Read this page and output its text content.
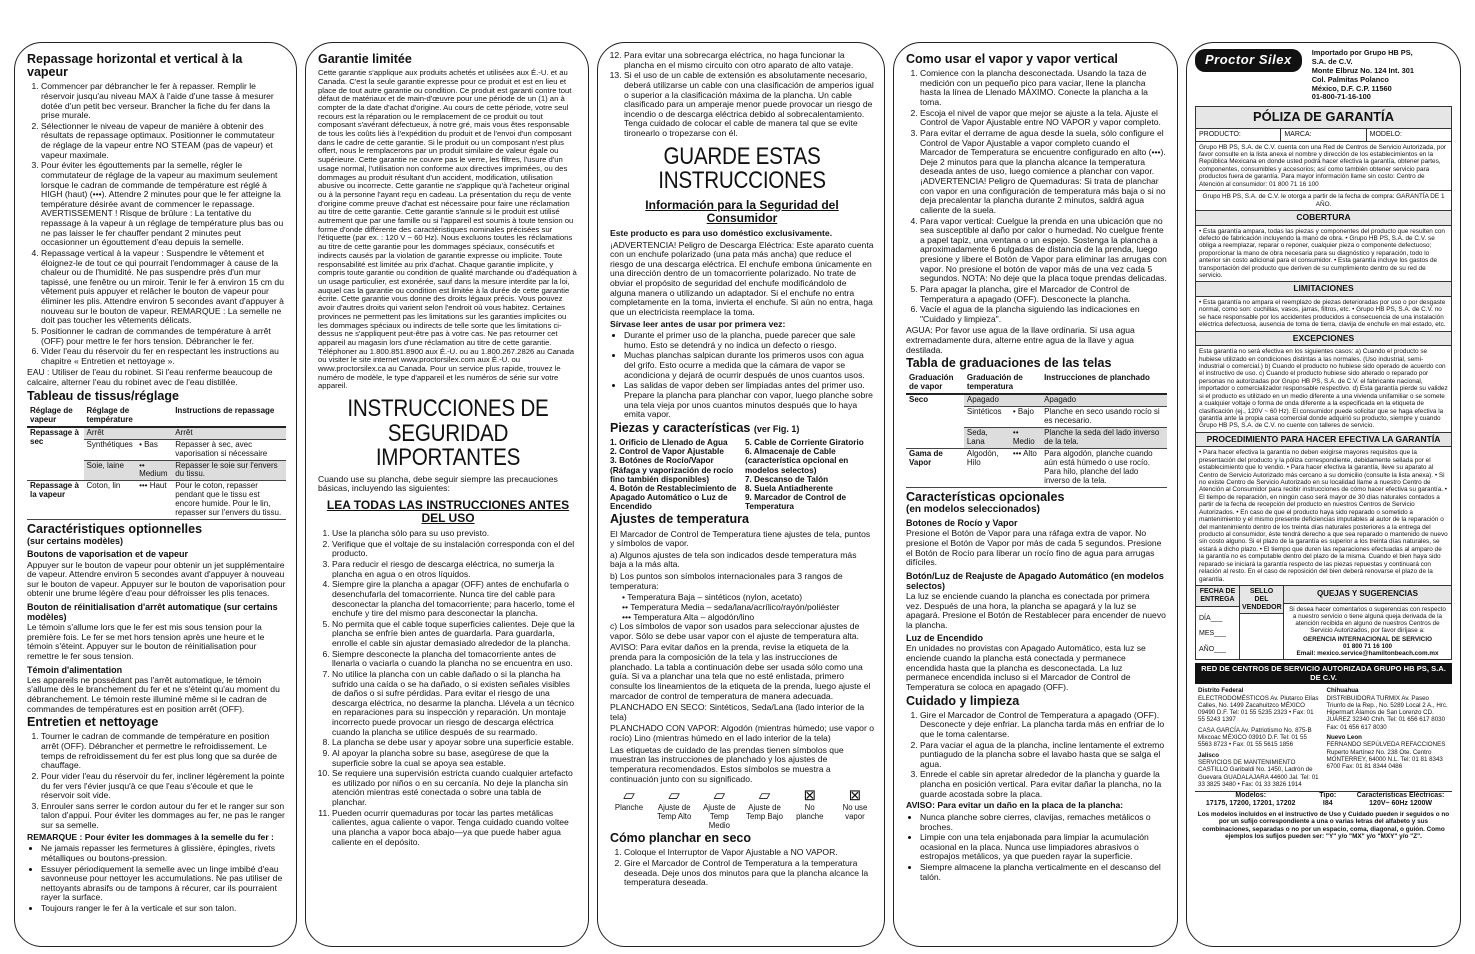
Repassage horizontal et vertical à la vapeur
1. Commencer par débrancher le fer à repasser. Remplir le réservoir jusqu'au niveau MAX à l'aide d'une tasse à mesurer dotée d'un petit bec verseur. Brancher la fiche du fer dans la prise murale.
2. Sélectionner le niveau de vapeur de manière à obtenir des résultats de repassage optimaux. Positionner le commutateur de réglage de la vapeur entre NO STEAM (pas de vapeur) et vapeur maximale.
3. Pour éviter les égouttements par la semelle, régler le commutateur de réglage de la vapeur au maximum seulement lorsque le cadran de commande de température est réglé à HIGH (haut) (•••). Attendre 2 minutes pour que le fer atteigne la température désirée avant de commencer le repassage. AVERTISSEMENT ! Risque de brûlure : La tentative du repassage à la vapeur à un réglage de température plus bas ou ne pas laisser le fer chauffer pendant 2 minutes peut occasionner un égouttement d'eau depuis la semelle.
4. Repassage vertical à la vapeur : Suspendre le vêtement et éloignez-le de tout ce qui pourrait l'endommager à cause de la chaleur ou de l'humidité. Ne pas suspendre près d'un mur tapissé, une fenêtre ou un miroir. Tenir le fer à environ 15 cm du vêtement puis appuyer et relâcher le bouton de vapeur pour éliminer les plis. Attendre environ 5 secondes avant d'appuyer à nouveau sur le bouton de vapeur. REMARQUE : La semelle ne doit pas toucher les vêtements délicats.
5. Positionner le cadran de commandes de température à arrêt (OFF) pour mettre le fer hors tension. Débrancher le fer.
6. Vider l'eau du réservoir du fer en respectant les instructions au chapitre « Entretien et nettoyage ».

EAU : Utiliser de l'eau du robinet. Si l'eau renferme beaucoup de calcaire, alterner l'eau du robinet avec de l'eau distillée.

Tableau de tissus/réglage
Réglage de vapeur	Réglage de température		Instructions de repassage
Repassage à sec	Arrêt		Arrêt
	Synthétiques	• Bas	Repasser à sec, avec vaporisation si nécessaire
	Soie, laine	•• Medium	Repasser le soie sur l'envers du tissu.
Repassage à la vapeur	Coton, lin	••• Haut	Pour le coton, repasser pendant que le tissu est encore humide. Pour le lin, repasser sur l'envers du tissu.
Caractéristiques optionnelles
(sur certains modèles)
Boutons de vaporisation et de vapeur

Appuyer sur le bouton de vapeur pour obtenir un jet supplémentaire de vapeur. Attendre environ 5 secondes avant d'appuyer à nouveau sur le bouton de vapeur. Appuyer sur le bouton de vaporisation pour obtenir une brume légère d'eau pour défroisser les plis tenaces.

Bouton de réinitialisation d'arrêt automatique (sur certains modèles)

Le témoin s'allume lors que le fer est mis sous tension pour la première fois. Le fer se met hors tension après une heure et le témoin s'éteint. Appuyer sur le bouton de réinitialisation pour remettre le fer sous tension.

Témoin d'alimentation

Les appareils ne possédant pas l'arrêt automatique, le témoin s'allume dès le branchement du fer et ne s'éteint qu'au moment du débranchement. Le témoin reste illuminé même si le cadran de commandes de températures est en position arrêt (OFF).

Entretien et nettoyage
1. Tourner le cadran de commande de température en position arrêt (OFF). Débrancher et permettre le refroidissement. Le temps de refroidissement du fer est plus long que sa durée de chauffage.
2. Pour vider l'eau du réservoir du fer, incliner légèrement la pointe du fer vers l'évier jusqu'à ce que l'eau s'écoule et que le réservoir soit vide.
3. Enrouler sans serrer le cordon autour du fer et le ranger sur son talon d'appui. Pour éviter les dommages au fer, ne pas le ranger sur sa semelle.

REMARQUE : Pour éviter les dommages à la semelle du fer :

• Ne jamais repasser les fermetures à glissière, épingles, rivets métalliques ou boutons-pression.
• Essuyer périodiquement la semelle avec un linge imbibé d'eau savonneuse pour nettoyer les accumulations. Ne pas utiliser de nettoyants abrasifs ou de tampons à récurer, car ils pourraient rayer la surface.
• Toujours ranger le fer à la verticale et sur son talon.
Garantie limitée

Cette garantie s'applique aux produits achetés et utilisées aux É.-U. et au Canada. C'est la seule garantie expresse pour ce produit et est en lieu et place de tout autre garantie ou condition. Ce produit est garanti contre tout défaut de matériaux et de main-d'œuvre pour une période de un (1) an à compter de la date d'achat d'origine. Au cours de cette période, votre seul recours est la réparation ou le remplacement de ce produit ou tout composant s'avérant défectueux, à notre gré, mais vous êtes responsable de tous les coûts liés à l'expédition du produit et de l'envoi d'un composant dans le cadre de cette garantie. Si le produit ou un composant n'est plus offert, nous le remplacerons par un produit similaire de valeur égale ou supérieure. Cette garantie ne couvre pas le verre, les filtres, l'usure d'un usage normal, l'utilisation non conforme aux directives imprimées, ou des dommages au produit résultant d'un accident, modification, utilisation abusive ou incorrecte. Cette garantie ne s'applique qu'à l'acheteur original ou à la personne l'ayant reçu en cadeau. La présentation du reçu de vente d'origine comme preuve d'achat est nécessaire pour faire une réclamation au titre de cette garantie. Cette garantie s'annule si le produit est utilisé autrement que par une famille ou si l'appareil est soumis à toute tension ou forme d'onde différente des caractéristiques nominales précisées sur l'étiquette (par ex. : 120 V ~ 60 Hz). Nous excluons toutes les réclamations au titre de cette garantie pour les dommages spéciaux, consécutifs et indirects causés par la violation de garantie expresse ou implicite. Toute responsabilité est limitée au prix d'achat. Chaque garantie implicite, y compris toute garantie ou condition de qualité marchande ou d'adéquation à un usage particulier, est exonérée, sauf dans la mesure interdite par la loi, auquel cas la garantie ou condition est limitée à la durée de cette garantie écrite. Cette garantie vous donne des droits légaux précis. Vous pouvez avoir d'autres droits qui varient selon l'endroit où vous habitez. Certaines provinces ne permettent pas les limitations sur les garanties implicites ou les dommages spéciaux ou indirects de telle sorte que les limitations ci-dessus ne s'appliquent peut-être pas à votre cas. Ne pas retourner cet appareil au magasin lors d'une réclamation au titre de cette garantie. Téléphoner au 1.800.851.8900 aux É.-U. ou au 1.800.267.2826 au Canada ou visiter le site internet www.proctorsilex.com aux É.-U. ou www.proctorsilex.ca au Canada. Pour un service plus rapide, trouvez le numéro de modèle, le type d'appareil et les numéros de série sur votre appareil.

INSTRUCCIONES DE SEGURIDAD IMPORTANTES

Cuando use su plancha, debe seguir siempre las precauciones básicas, incluyendo las siguientes:

LEA TODAS LAS INSTRUCCIONES ANTES DEL USO
1. Use la plancha sólo para su uso previsto.
2. Verifique que el voltaje de su instalación corresponda con el del producto.
3. Para reducir el riesgo de descarga eléctrica, no sumerja la plancha en agua o en otros líquidos.
4. Siempre gire la plancha a apagar (OFF) antes de enchufarla o desenchufarla del tomacorriente. Nunca tire del cable para desconectar la plancha del tomacorriente; para hacerlo, tome el enchufe y tire del mismo para desconectar la plancha.
5. No permita que el cable toque superficies calientes. Deje que la plancha se enfríe bien antes de guardarla. Para guardarla, enrolle el cable sin ajustar demasiado alrededor de la plancha.
6. Siempre desconecte la plancha del tomacorriente antes de llenarla o vaciarla o cuando la plancha no se encuentra en uso.
7. No utilice la plancha con un cable dañado o si la plancha ha sufrido una caída o se ha dañado, o si existen señales visibles de daños o si sufre pérdidas. Para evitar el riesgo de una descarga eléctrica, no desarme la plancha. Llévela a un técnico en reparaciones para su inspección y reparación. Un montaje incorrecto puede provocar un riesgo de descarga eléctrica cuando la plancha se utilice después de su rearmado.
8. La plancha se debe usar y apoyar sobre una superficie estable.
9. Al apoyar la plancha sobre su base, asegúrese de que la superficie sobre la cual se apoya sea estable.
10. Se requiere una supervisión estricta cuando cualquier artefacto es utilizado por niños o en su cercanía. No deje la plancha sin atención mientras esté conectada o sobre una tabla de planchar.
11. Pueden ocurrir quemaduras por tocar las partes metálicas calientes, agua caliente o vapor. Tenga cuidado cuando voltee una plancha a vapor boca abajo—ya que puede haber agua caliente en el depósito.
12. Para evitar una sobrecarga eléctrica, no haga funcionar la plancha en el mismo circuito con otro aparato de alto vataje.
13. Si el uso de un cable de extensión es absolutamente necesario, deberá utilizarse un cable con una clasificación de amperios igual o superior a la clasificación máxima de la plancha. Un cable clasificado para un amperaje menor puede provocar un riesgo de incendio o de descarga eléctrica debido al sobrecalentamiento. Tenga cuidado de colocar el cable de manera tal que se evite tironearlo o tropezarse con él.
GUARDE ESTAS INSTRUCCIONES
Información para la Seguridad del Consumidor

Este producto es para uso doméstico exclusivamente.

¡ADVERTENCIA! Peligro de Descarga Eléctrica: Este aparato cuenta con un enchufe polarizado (una pata más ancha) que reduce el riesgo de una descarga eléctrica. El enchufe embona únicamente en una dirección dentro de un tomacorriente polarizado. No trate de obviar el propósito de seguridad del enchufe modificándolo de alguna manera o utilizando un adaptador. Si el enchufe no entra completamente en la toma, inviertа el enchufe. Si aún no entra, haga que un electricista reemplace la toma.

Sírvase leer antes de usar por primera vez:

• Durante el primer uso de la plancha, puede parecer que sale humo. Esto se detendrá y no indica un defecto o riesgo.
• Muchas planchas salpican durante los primeros usos con agua del grifo. Esto ocurre a medida que la cámara de vapor se acondiciona y dejará de ocurrir después de unos cuantos usos.
• Las salidas de vapor deben ser limpiadas antes del primer uso. Prepare la plancha para planchar con vapor, luego planche sobre una tela vieja por unos cuantos minutos después que lo haya emita vapor.
Piezas y características (ver Fig. 1)
1. Orificio de Llenado de Agua
2. Control de Vapor Ajustable
3. Botónes de Rocío/Vapor (Ráfaga y vaporización de rocío fino también disponibles)
4. Botón de Restablecimiento de Apagado Automático o Luz de Encendido
5. Cable de Corriente Giratorio
6. Almacenaje de Cable (característica opcional en modelos selectos)
7. Descanso de Talón
8. Suela Antiadherente
9. Marcador de Control de Temperatura
Ajustes de temperatura

El Marcador de Control de Temperatura tiene ajustes de tela, puntos y símbolos de vapor.

a) Algunos ajustes de tela son indicados desde temperatura más baja a la más alta.

b) Los puntos son símbolos internacionales para 3 rangos de temperatura:

• Temperatura Baja – sintéticos (nylon, acetato)
•• Temperatura Media – seda/lana/acrílico/rayón/poliéster
••• Temperatura Alta – algodón/lino

c) Los símbolos de vapor son usados para seleccionar ajustes de vapor. Sólo se debe usar vapor con el ajuste de temperatura alta.

AVISO: Para evitar daños en la prenda, revise la etiqueta de la prenda para la composición de la tela y las instrucciones de planchado. La tabla a continuación debe ser usada sólo como una guía. Si va a planchar una tela que no esté enlistada, primero consulte los lineamientos de la etiqueta de la prenda, luego ajuste el marcador de control de temperatura de manera adecuada.

PLANCHADO EN SECO: Sintéticos, Seda/Lana (lado interior de la tela)

PLANCHADO CON VAPOR: Algodón (mientras húmedo; use vapor o rocío) Lino (mientras húmedo en el lado interior de la tela)

Las etiquetas de cuidado de las prendas tienen símbolos que muestran las instrucciones de planchado y los ajustes de temperatura recomendados. Estos símbolos se muestra a continuación junto con su significado.

▱
Planche
▱
Ajuste de Temp Alto
▱
Ajuste de Temp Medio
▱
Ajuste de Temp Bajo
⊠
No planche
⊠
No use vapor
Cómo planchar en seco
1. Coloque el Interruptor de Vapor Ajustable a NO VAPOR.
2. Gire el Marcador de Control de Temperatura a la temperatura deseada. Deje unos dos minutos para que la plancha alcance la temperatura deseada.
Como usar el vapor y vapor vertical
1. Comience con la plancha desconectada. Usando la taza de medición con un pequeño pico para vaciar, llene la plancha hasta la línea de Llenado MÁXIMO. Conecte la plancha a la toma.
2. Escoja el nivel de vapor que mejor se ajuste a la tela. Ajuste el Control de Vapor Ajustable entre NO VAPOR y vapor completo.
3. Para evitar el derrame de agua desde la suela, sólo configure el Control de Vapor Ajustable a vapor completo cuando el Marcador de Temperatura se encuentre configurado en alto (•••). Deje 2 minutos para que la plancha alcance la temperatura deseada antes de uso, luego comience a planchar con vapor. ¡ADVERTENCIA! Peligro de Quemaduras: Si trata de planchar con vapor en una configuración de temperatura más baja o si no deja precalentar la plancha durante 2 minutos, saldrá agua caliente de la suela.
4. Para vapor vertical: Cuelgue la prenda en una ubicación que no sea susceptible al daño por calor o humedad. No cuelgue frente a papel tapiz, una ventana o un espejo. Sostenga la plancha a aproximadamente 6 pulgadas de distancia de la prenda, luego presione y libere el Botón de Vapor para eliminar las arrugas con vapor. No presione el botón de vapor más de una vez cada 5 segundos. NOTA: No deje que la placa toque prendas delicadas.
5. Para apagar la plancha, gire el Marcador de Control de Temperatura a apagado (OFF). Desconecte la plancha.
6. Vacíe el agua de la plancha siguiendo las indicaciones en "Cuidado y limpieza".

AGUA: Por favor use agua de la llave ordinaria. Si usa agua extremadamente dura, alterne entre agua de la llave y agua destilada.

Tabla de graduaciones de las telas
Graduación de vapor	Graduación de temperatura		Instrucciones de planchado
Seco	Apagado		Apagado
	Sintéticos	• Bajo	Planche en seco usando rocío si es necesario.
	Seda, Lana	•• Medio	Planche la seda del lado inverso de la tela.
Gama de Vapor	Algodón, Hilo	••• Alto	Para algodón, planche cuando aún está húmedo o use rocío. Para hilo, planche del lado inverso de la tela.
Características opcionales
(en modelos seleccionados)
Botones de Rocío y Vapor

Presione el Botón de Vapor para una ráfaga extra de vapor. No presione el Botón de Vapor por más de cada 5 segundos. Presione el Botón de Rocío para liberar un rocío fino de agua para arrugas difíciles.

Botón/Luz de Reajuste de Apagado Automático (en modelos selectos)

La luz se enciende cuando la plancha es conectada por primera vez. Después de una hora, la plancha se apagará y la luz se apagará. Presione el Botón de Restablecer para encender de nuevo la plancha.

Luz de Encendido

En unidades no provistas con Apagado Automático, esta luz se enciende cuando la plancha está conectada y permanece encendida hasta que la plancha es desconectada. La luz permanece encendida incluso si el Marcador de Control de Temperatura se coloca en apagado (OFF).

Cuidado y limpieza
1. Gire el Marcador de Control de Temperatura a apagado (OFF). Desconecte y deje enfriar. La plancha tarda más en enfriar de lo que le toma calentarse.
2. Para vaciar el agua de la plancha, incline lentamente el extremo puntiagudo de la plancha sobre el lavabo hasta que se salga el agua.
3. Enrede el cable sin apretar alrededor de la plancha y guarde la plancha en posición vertical. Para evitar dañar la plancha, no la guarde acostada sobre la placa.

AVISO: Para evitar un daño en la placa de la plancha:

• Nunca planche sobre cierres, clavijas, remaches metálicos o broches.
• Limpie con una tela enjabonada para limpiar la acumulación ocasional en la placa. Nunca use limpiadores abrasivos o estropajos metálicos, ya que pueden rayar la superficie.
• Siempre almacene la plancha verticalmente en el descanso del talón.
Proctor Silex	Importado por Grupo HB PS,
S.A. de C.V.
Monte Elbruz No. 124 Int. 301
Col. Palmitas Polanco
México, D.F. C.P. 11560
01-800-71-16-100
PÓLIZA DE GARANTÍA
PRODUCTO:	MARCA:	MODELO:
Grupo HB PS, S.A. de C.V. cuenta con una Red de Centros de Servicio Autorizada, por favor consulte en la lista anexa el nombre y dirección de los establecimientos en la República Mexicana en donde usted podrá hacer efectiva la garantía, obtener partes, componentes, consumibles y accesorios; así como también obtener servicio para productos fuera de garantía. Para mayor información llame sin costo: Centro de Atención al consumidor: 01 800 71 16 100
Grupo HB PS, S.A. de C.V. le otorga a partir de la fecha de compra: GARANTÍA DE 1 AÑO.
COBERTURA
• Esta garantía ampara, todas las piezas y componentes del producto que resulten con defecto de fabricación incluyendo la mano de obra. • Grupo HB PS, S.A. de C.V. se obliga a reemplazar, reparar o reponer, cualquier pieza o componente defectuoso; proporcionar la mano de obra necesaria para su diagnóstico y reparación, todo lo anterior sin costo adicional para el consumidor. • Esta garantía incluye los gastos de transportación del producto que deriven de su cumplimiento dentro de su red de servicio.
LIMITACIONES
• Esta garantía no ampara el reemplazo de piezas deterioradas por uso o por desgaste normal, como son: cuchillas, vasos, jarras, filtros, etc. • Grupo HB PS, S.A. de C.V. no se hace responsable por los accidentes producidos a consecuencia de una instalación eléctrica defectuosa, ausencia de toma de tierra, clavija de enchufe en mal estado, etc.
EXCEPCIONES
Esta garantía no será efectiva en los siguientes casos: a) Cuando el producto se hubiese utilizado en condiciones distintas a las normales. (Uso industrial, semi-industrial o comercial.) b) Cuando el producto no hubiese sido operado de acuerdo con el instructivo de uso. c) Cuando el producto hubiese sido alterado o reparado por personas no autorizadas por Grupo HB PS, S.A. de C.V. el fabricante nacional, importador o comercializador responsable respectivo. d) Esta garantía pierde su validez si el producto es utilizado en un medio diferente a una vivienda unifamiliar o se somete a cualquier voltaje o forma de onda diferente a la especificada en la etiqueta de clasificación (ej., 120V ~ 60 Hz). El consumidor puede solicitar que se haga efectiva la garantía ante la propia casa comercial donde adquirió su producto, siempre y cuando Grupo HB PS, S.A. de C.V. no cuente con talleres de servicio.
PROCEDIMIENTO PARA HACER EFECTIVA LA GARANTÍA
• Para hacer efectiva la garantía no deben exigirse mayores requisitos que la presentación del producto y la póliza correspondiente, debidamente sellada por el establecimiento que lo vendió. • Para hacer efectiva la garantía, lleve su aparato al Centro de Servicio Autorizado más cercano a su domicilio (consulte la lista anexa). • Si no existe Centro de Servicio Autorizado en su localidad llame a nuestro Centro de Atención al Consumidor para recibir instrucciones de cómo hacer efectiva su garantía. • El tiempo de reparación, en ningún caso será mayor de 30 días naturales contados a partir de la fecha de recepción del producto en nuestros Centros de Servicio Autorizados. • En caso de que el producto haya sido reparado o sometido a mantenimiento y el mismo presente deficiencias imputables al autor de la reparación o del mantenimiento dentro de los treinta días naturales posteriores a la entrega del producto al consumidor, éste tendrá derecho a que sea reparado o mantenido de nuevo sin costo alguno. Si el plazo de la garantía es superior a los treinta días naturales, se estará a dicho plazo. • El tiempo que duren las reparaciones efectuadas al amparo de la garantía no es computable dentro del plazo de la misma. Cuando el bien haya sido reparado se iniciará la garantía respecto de las piezas repuestas y continuará con relación al resto. En el caso de reposición del bien deberá renovarse el plazo de la garantía.
FECHA DE ENTREGA
DÍA___
MES___
AÑO___
SELLO DEL VENDEDOR
QUEJAS Y SUGERENCIAS
Si desea hacer comentarios o sugerencias con respecto a nuestro servicio o tiene alguna queja derivada de la atención recibida en alguno de nuestros Centros de Servicio Autorizados, por favor diríjase a:
GERENCIA INTERNACIONAL DE SERVICIO
01 800 71 16 100
Email: mexico.service@hamiltonbeach.com.mx
RED DE CENTROS DE SERVICIO AUTORIZADA GRUPO HB PS, S.A. DE C.V.
Distrito Federal
ELECTRODOMÉSTICOS Av. Plutarco Elías Calles, No. 1499 Zacahuitzco MÉXICO 09490 D.F. Tel: 01 55 5235 2323 • Fax: 01 55 5243 1397
CASA GARCÍA Av. Patriotismo No. 875-B Mixcoac MÉXICO 03910 D.F. Tel: 01 55 5563 8723 • Fax: 01 55 5615 1856
Jalisco
SERVICIOS DE MANTENIMIENTO CASTILLO Garibaldi No. 1450, Ladrón de Guevara GUADALAJARA 44600 Jal. Tel: 01 33 3825 3480 • Fax: 01 33 3826 1914
Chihuahua
DISTRIBUIDORA TURMIX Av. Paseo Triunfo de la Rep., No. 5289 Local 2 A., Hrc. Hipermart Álamos de San Lorenzo CD. JUÁREZ 32340 Chih. Tel: 01 656 617 8030 Fax: 01 656 617 8030
Nuevo Leon
FERNANDO SEPÚLVEDA REFACCIONES Ruperto Martínez No. 238 Ote. Centro MONTERREY, 64000 N.L. Tel: 01 81 8343 6700 Fax: 01 81 8344 0486
Modelos:
17175, 17200, 17201, 17202
Tipo:
I84
Características Eléctricas:
120V~ 60Hz 1200W
Los modelos incluidos en el instructivo de Uso y Cuidado pueden ir seguidos o no por un sufijo correspondiente a una o varias letras del alfabeto y sus combinaciones, separadas o no por un espacio, coma, diagonal, o guión. Como ejemplos los sufijos pueden ser: "Y" y/o "MX" y/o "MXY" y/o "Z".
